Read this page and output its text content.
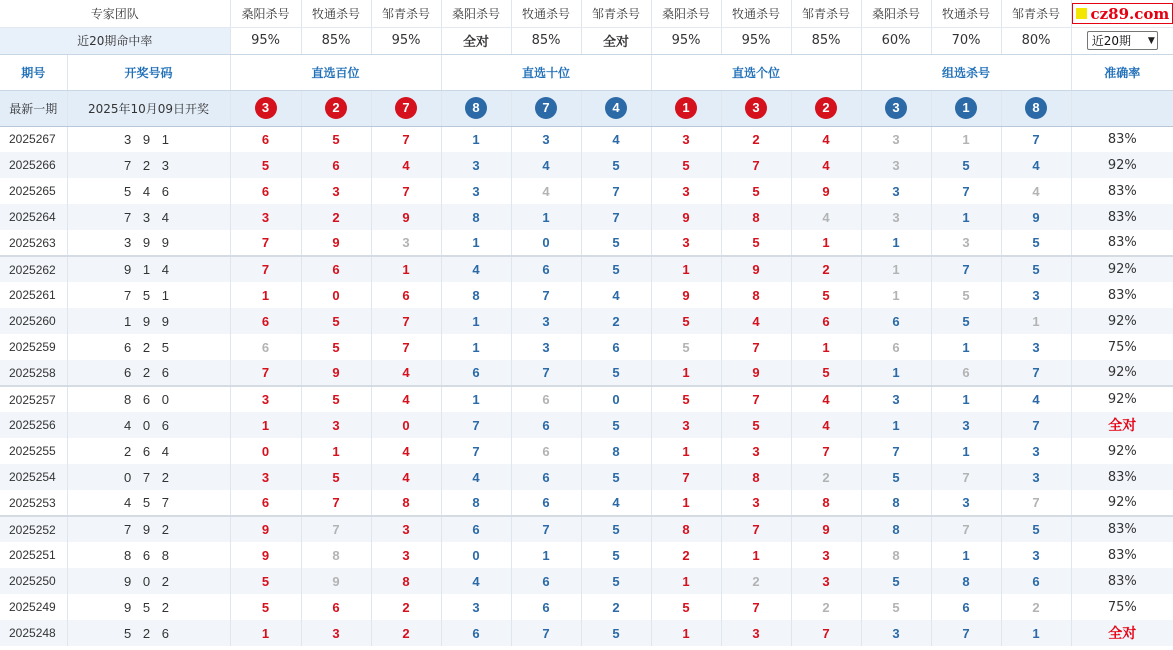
专家团队		桑阳杀号	牧通杀号	邹青杀号	桑阳杀号	牧通杀号	邹青杀号	桑阳杀号	牧通杀号	邹青杀号	桑阳杀号	牧通杀号	邹青杀号	cz89.com

近20期命中率		95%	85%	95%	全对	85%	全对	95%	95%	85%	60%	70%	80%	近20期 ▼

期号	开奖号码	直选百位			直选十位			直选个位			组选杀号			准确率
最新一期	2025年10月09日开奖	3	2	7	8	7	4	1	3	2	3	1	8	
2025267	3 9 1	6	5	7	1	3	4	3	2	4	3	1	7	83%
2025266	7 2 3	5	6	4	3	4	5	5	7	4	3	5	4	92%
2025265	5 4 6	6	3	7	3	4	7	3	5	9	3	7	4	83%
2025264	7 3 4	3	2	9	8	1	7	9	8	4	3	1	9	83%
2025263	3 9 9	7	9	3	1	0	5	3	5	1	1	3	5	83%
2025262	9 1 4	7	6	1	4	6	5	1	9	2	1	7	5	92%
2025261	7 5 1	1	0	6	8	7	4	9	8	5	1	5	3	83%
2025260	1 9 9	6	5	7	1	3	2	5	4	6	6	5	1	92%
2025259	6 2 5	6	5	7	1	3	6	5	7	1	6	1	3	75%
2025258	6 2 6	7	9	4	6	7	5	1	9	5	1	6	7	92%
2025257	8 6 0	3	5	4	1	6	0	5	7	4	3	1	4	92%
2025256	4 0 6	1	3	0	7	6	5	3	5	4	1	3	7	全对
2025255	2 6 4	0	1	4	7	6	8	1	3	7	7	1	3	92%
2025254	0 7 2	3	5	4	4	6	5	7	8	2	5	7	3	83%
2025253	4 5 7	6	7	8	8	6	4	1	3	8	8	3	7	92%
2025252	7 9 2	9	7	3	6	7	5	8	7	9	8	7	5	83%
2025251	8 6 8	9	8	3	0	1	5	2	1	3	8	1	3	83%
2025250	9 0 2	5	9	8	4	6	5	1	2	3	5	8	6	83%
2025249	9 5 2	5	6	2	3	6	2	5	7	2	5	6	2	75%
2025248	5 2 6	1	3	2	6	7	5	1	3	7	3	7	1	全对
